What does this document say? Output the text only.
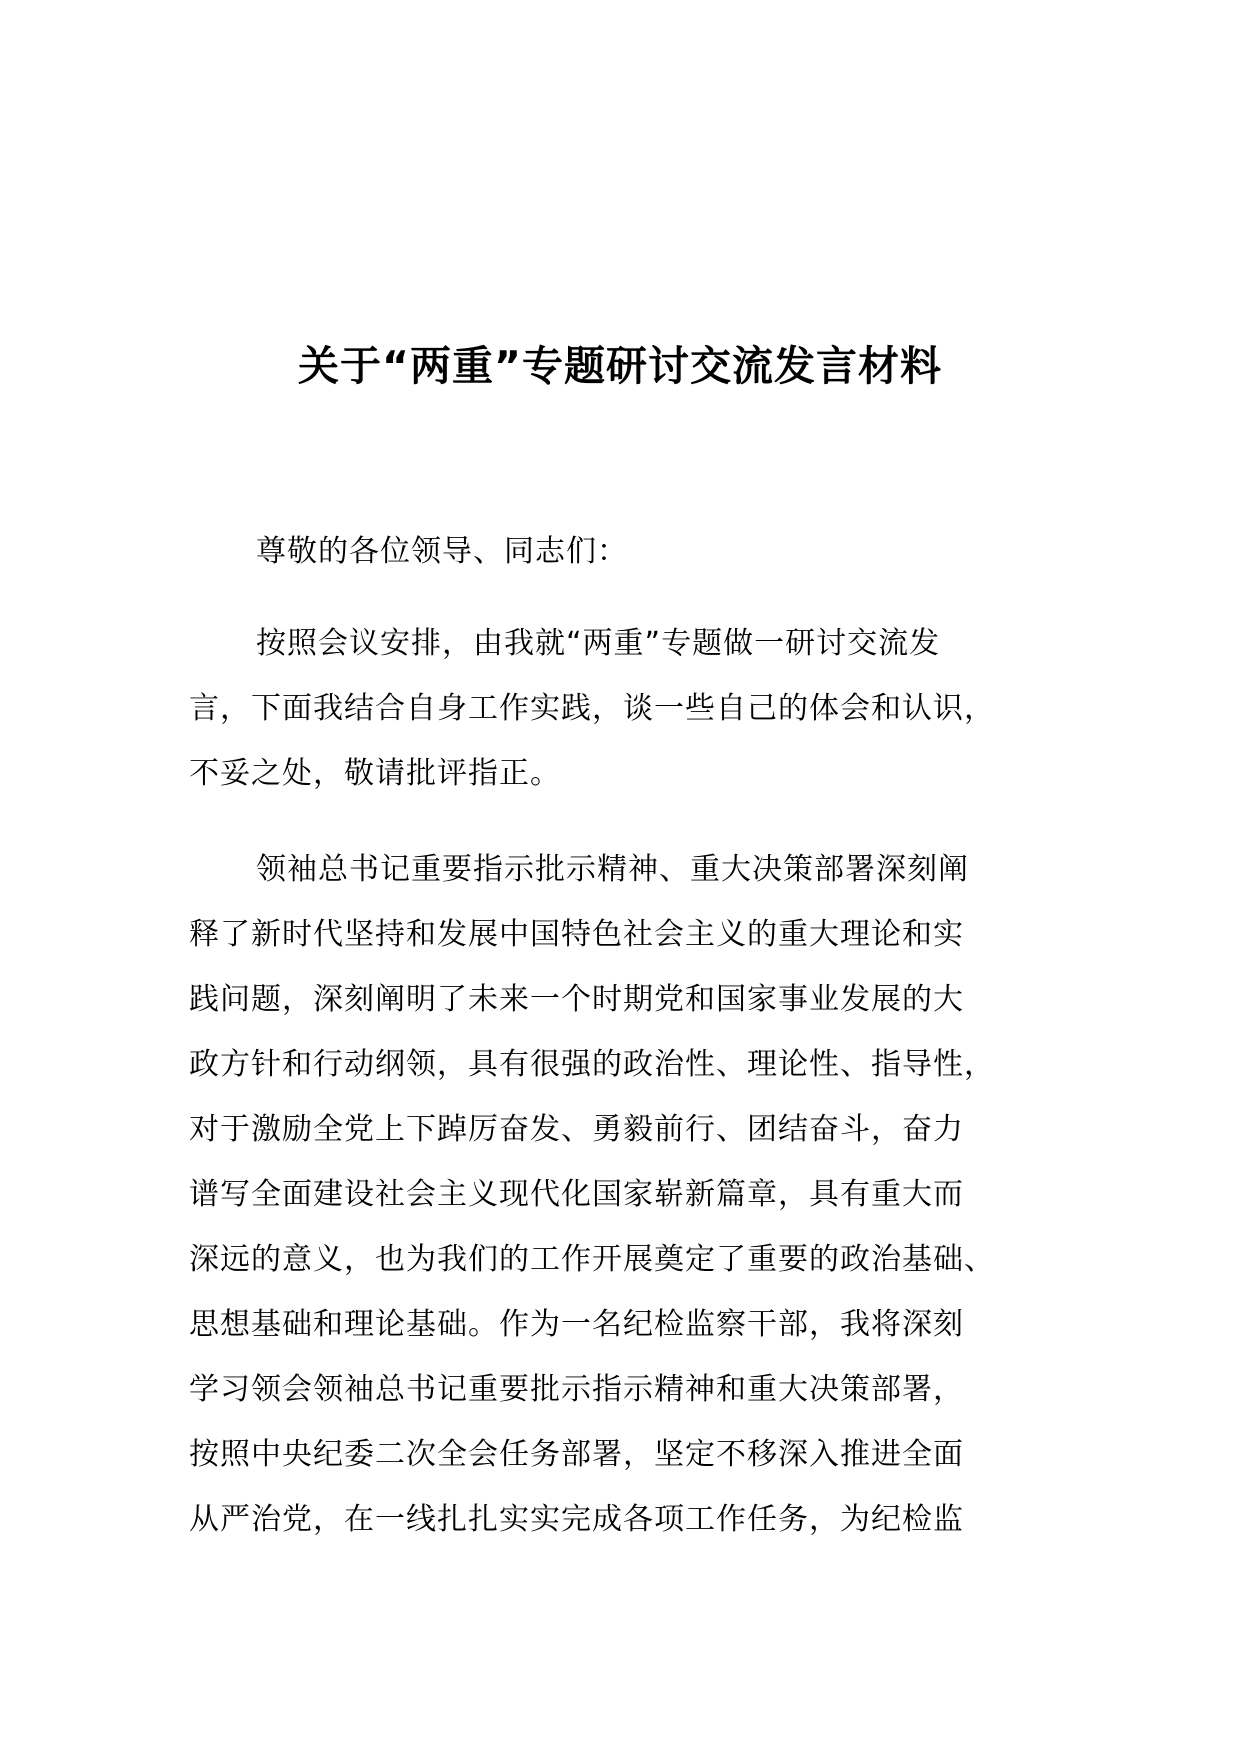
关于“两重”专题研讨交流发言材料
尊敬的各位领导、同志们：
按照会议安排，由我就“两重”专题做一研讨交流发
言，下面我结合自身工作实践，谈一些自己的体会和认识，
不妥之处，敬请批评指正。
领袖总书记重要指示批示精神、重大决策部署深刻阐
释了新时代坚持和发展中国特色社会主义的重大理论和实
践问题，深刻阐明了未来一个时期党和国家事业发展的大
政方针和行动纲领，具有很强的政治性、理论性、指导性，
对于激励全党上下踔厉奋发、勇毅前行、团结奋斗，奋力
谱写全面建设社会主义现代化国家崭新篇章，具有重大而
深远的意义，也为我们的工作开展奠定了重要的政治基础、
思想基础和理论基础。作为一名纪检监察干部，我将深刻
学习领会领袖总书记重要批示指示精神和重大决策部署，
按照中央纪委二次全会任务部署，坚定不移深入推进全面
从严治党，在一线扎扎实实完成各项工作任务，为纪检监
